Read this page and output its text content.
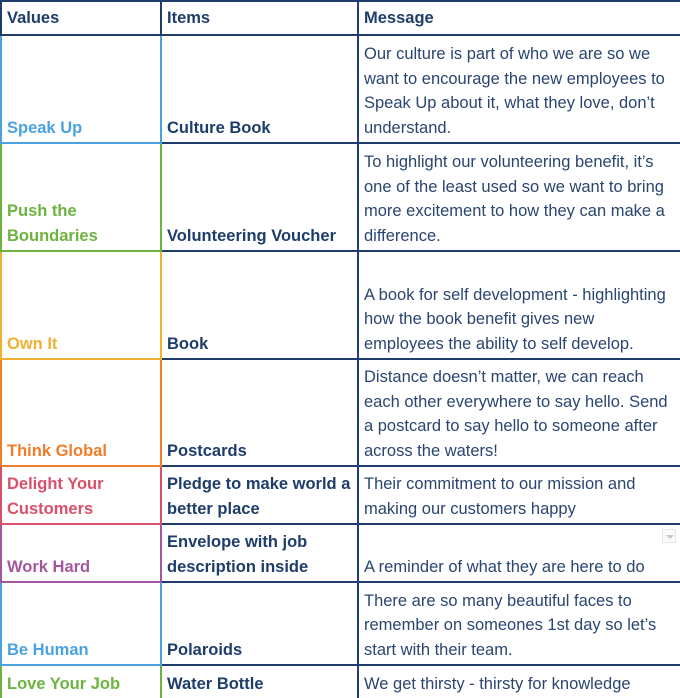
Values	Items	Message
Speak Up	Culture Book	Our culture is part of who we are so we want to encourage the new employees to Speak Up about it, what they love, don’t understand.
Push the Boundaries	Volunteering Voucher	To highlight our volunteering benefit, it’s one of the least used so we want to bring more excitement to how they can make a difference.
Own It	Book	A book for self development - highlighting how the book benefit gives new employees the ability to self develop.
Think Global	Postcards	Distance doesn’t matter, we can reach each other everywhere to say hello. Send a postcard to say hello to someone after across the waters!
Delight Your Customers	Pledge to make world a better place	Their commitment to our mission and making our customers happy
Work Hard	Envelope with job description inside	A reminder of what they are here to do

Be Human	Polaroids	There are so many beautiful faces to remember on someones 1st day so let’s start with their team.
Love Your Job	Water Bottle	We get thirsty - thirsty for knowledge
